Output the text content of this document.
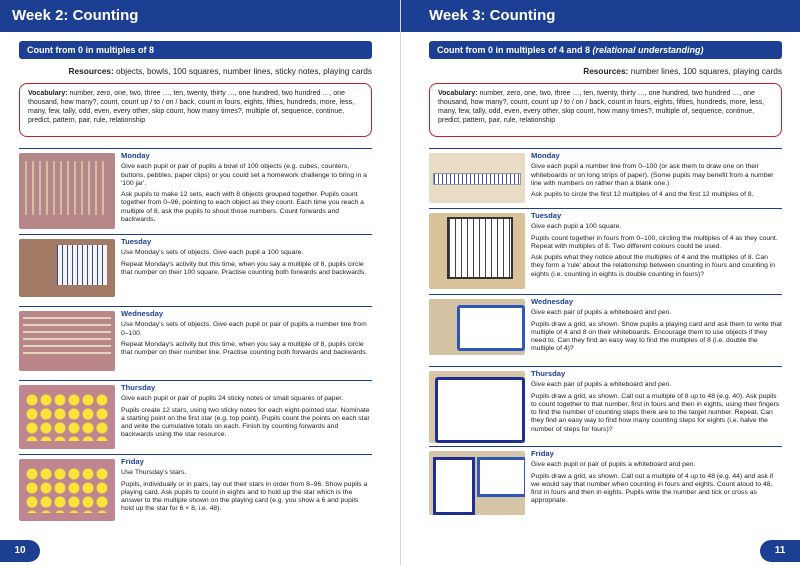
Week 2: Counting
Count from 0 in multiples of 8
Resources: objects, bowls, 100 squares, number lines, sticky notes, playing cards
Vocabulary: number, zero, one, two, three …, ten, twenty, thirty …, one hundred, two hundred …, one thousand, how many?, count, count up / to / on / back, count in fours, eights, fifties, hundreds, more, less, many, few, tally, odd, even, every other, skip count, how many times?, multiple of, sequence, continue, predict, pattern, pair, rule, relationship
Monday

Give each pupil or pair of pupils a bowl of 100 objects (e.g. cubes, counters, buttons, pebbles, paper clips) or you could set a homework challenge to bring in a '100 jar'.

Ask pupils to make 12 sets, each with 8 objects grouped together. Pupils count together from 0–96, pointing to each object as they count. Each time you reach a multiple of 8, ask the pupils to shout those numbers. Count forwards and backwards.

Tuesday

Use Monday's sets of objects. Give each pupil a 100 square.

Repeat Monday's activity but this time, when you say a multiple of 8, pupils circle that number on their 100 square. Practise counting both forwards and backwards.

Wednesday

Use Monday's sets of objects. Give each pupil or pair of pupils a number line from 0–100.

Repeat Monday's activity but this time, when you say a multiple of 8, pupils circle that number on their number line. Practise counting both forwards and backwards.

Thursday

Give each pupil or pair of pupils 24 sticky notes or small squares of paper.

Pupils create 12 stars, using two sticky notes for each eight-pointed star. Nominate a starting point on the first star (e.g. top point). Pupils count the points on each star and write the cumulative totals on each. Finish by counting forwards and backwards using the star resource.

Friday

Use Thursday's stars.

Pupils, individually or in pairs, lay out their stars in order from 8–96. Show pupils a playing card. Ask pupils to count in eights and to hold up the star which is the answer to the multiple shown on the playing card (e.g. you show a 6 and pupils hold up the star for 6 × 8, i.e. 48).

10
Week 3: Counting
Count from 0 in multiples of 4 and 8 (relational understanding)
Resources: number lines, 100 squares, playing cards
Vocabulary: number, zero, one, two, three …, ten, twenty, thirty …, one hundred, two hundred …, one thousand, how many?, count, count up / to / on / back, count in fours, eights, fifties, hundreds, more, less, many, few, tally, odd, even, every other, skip count, how many times?, multiple of, sequence, continue, predict, pattern, pair, rule, relationship
Monday

Give each pupil a number line from 0–100 (or ask them to draw one on their whiteboards or on long strips of paper). (Some pupils may benefit from a number line with numbers on rather than a blank one.)

Ask pupils to circle the first 12 multiples of 4 and the first 12 multiples of 8.

Tuesday

Give each pupil a 100 square.

Pupils count together in fours from 0–100, circling the multiples of 4 as they count. Repeat with multiples of 8. Two different colours could be used.

Ask pupils what they notice about the multiples of 4 and the multiples of 8. Can they form a 'rule' about the relationship between counting in fours and counting in eights (i.e. counting in eights is double counting in fours)?

Wednesday

Give each pair of pupils a whiteboard and pen.

Pupils draw a grid, as shown. Show pupils a playing card and ask them to write that multiple of 4 and 8 on their whiteboards. Encourage them to use objects if they need to. Can they find an easy way to find the multiples of 8 (i.e. double the multiple of 4)?

Thursday

Give each pair of pupils a whiteboard and pen.

Pupils draw a grid, as shown. Call out a multiple of 8 up to 48 (e.g. 40). Ask pupils to count together to that number, first in fours and then in eights, using their fingers to find the number of counting steps there are to the target number. Repeat. Can they find an easy way to find how many counting steps for eights (i.e. halve the number of steps for fours)?

Friday

Give each pupil or pair of pupils a whiteboard and pen.

Pupils draw a grid, as shown. Call out a multiple of 4 up to 48 (e.g. 44) and ask if we would say that number when counting in fours and eights. Count aloud to 48, first in fours and then in eights. Pupils write the number and tick or cross as appropriate.

11
